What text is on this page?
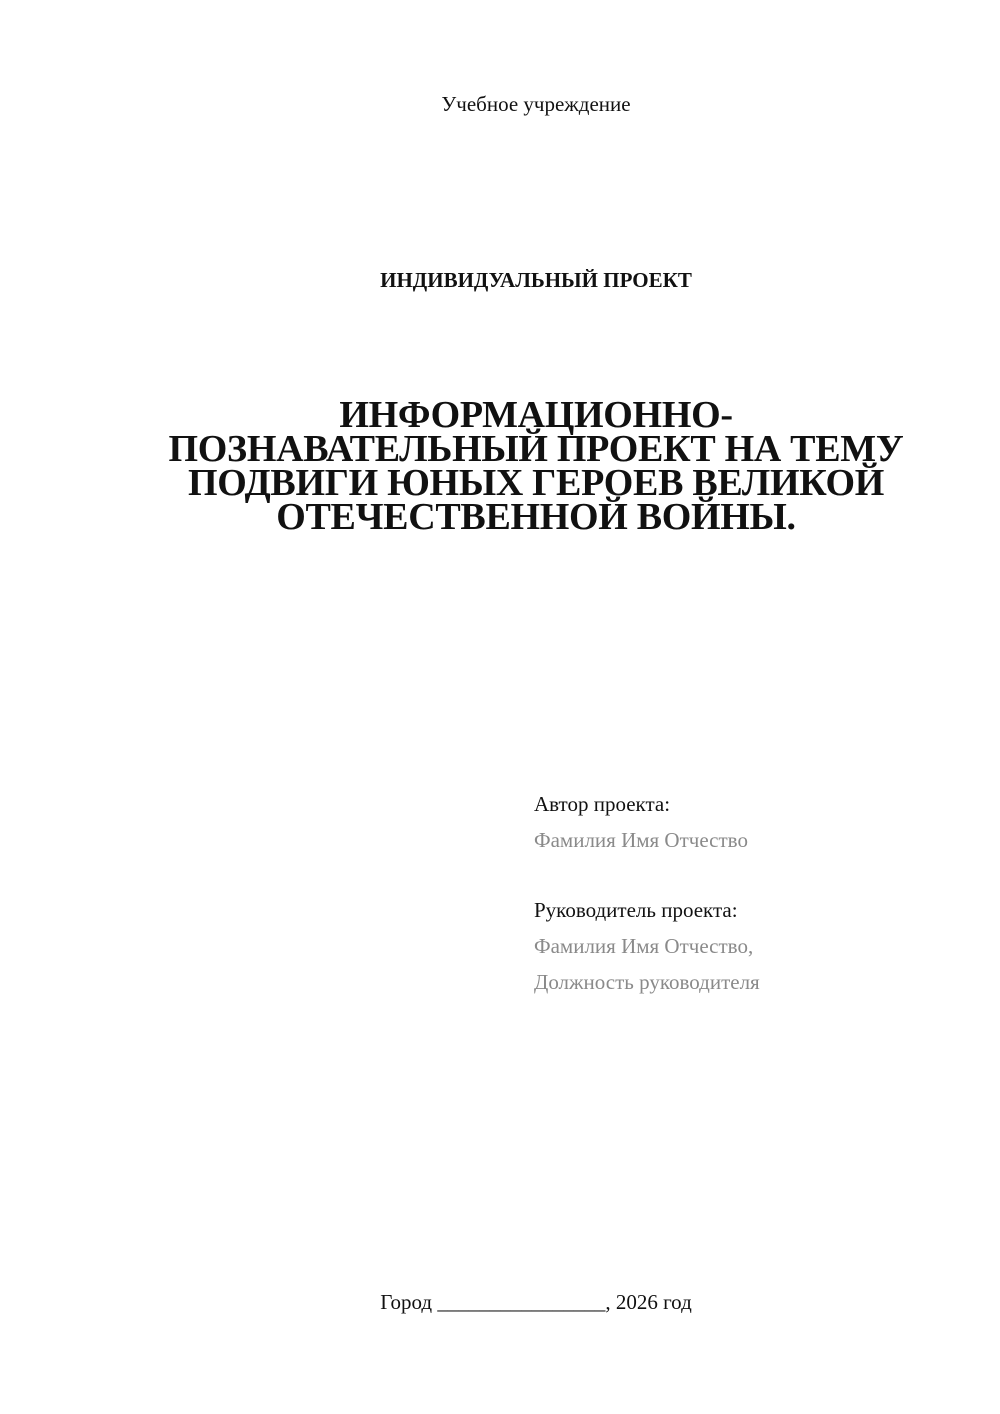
Учебное учреждение
ИНДИВИДУАЛЬНЫЙ ПРОЕКТ
ИНФОРМАЦИОННО-
ПОЗНАВАТЕЛЬНЫЙ ПРОЕКТ НА ТЕМУ
ПОДВИГИ ЮНЫХ ГЕРОЕВ ВЕЛИКОЙ
ОТЕЧЕСТВЕННОЙ ВОЙНЫ.
Автор проекта:
Фамилия Имя Отчество
Руководитель проекта:
Фамилия Имя Отчество,
Должность руководителя
Город ________________, 2026 год
